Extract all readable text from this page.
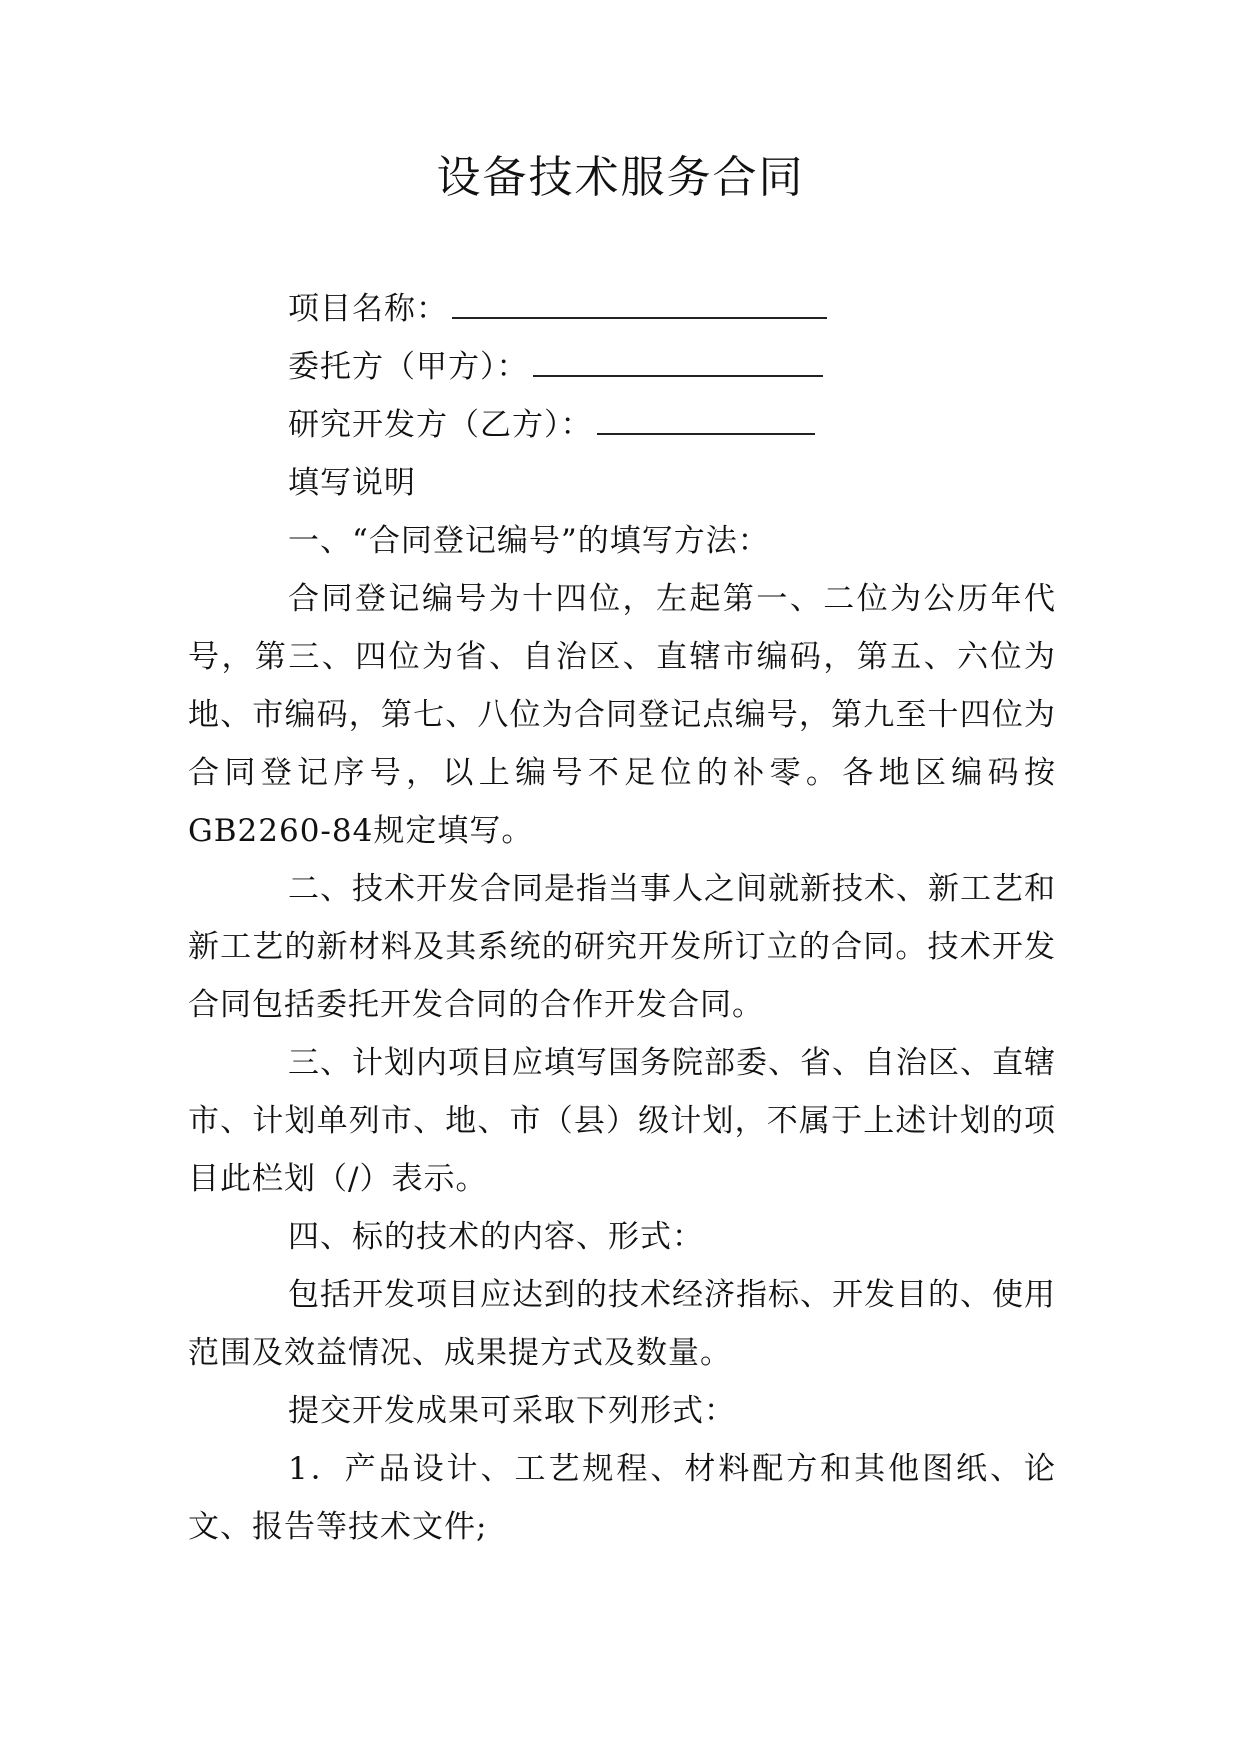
设备技术服务合同
项目名称：
委托方（甲方）：
研究开发方（乙方）：
填写说明

一、“合同登记编号”的填写方法：

合同登记编号为十四位，左起第一、二位为公历年代号，第三、四位为省、自治区、直辖市编码，第五、六位为地、市编码，第七、八位为合同登记点编号，第九至十四位为合同登记序号，以上编号不足位的补零。各地区编码按GB2260-84规定填写。

二、技术开发合同是指当事人之间就新技术、新工艺和新工艺的新材料及其系统的研究开发所订立的合同。技术开发合同包括委托开发合同的合作开发合同。

三、计划内项目应填写国务院部委、省、自治区、直辖市、计划单列市、地、市（县）级计划，不属于上述计划的项目此栏划（/）表示。

四、标的技术的内容、形式：

包括开发项目应达到的技术经济指标、开发目的、使用范围及效益情况、成果提方式及数量。

提交开发成果可采取下列形式：

1．产品设计、工艺规程、材料配方和其他图纸、论文、报告等技术文件;
